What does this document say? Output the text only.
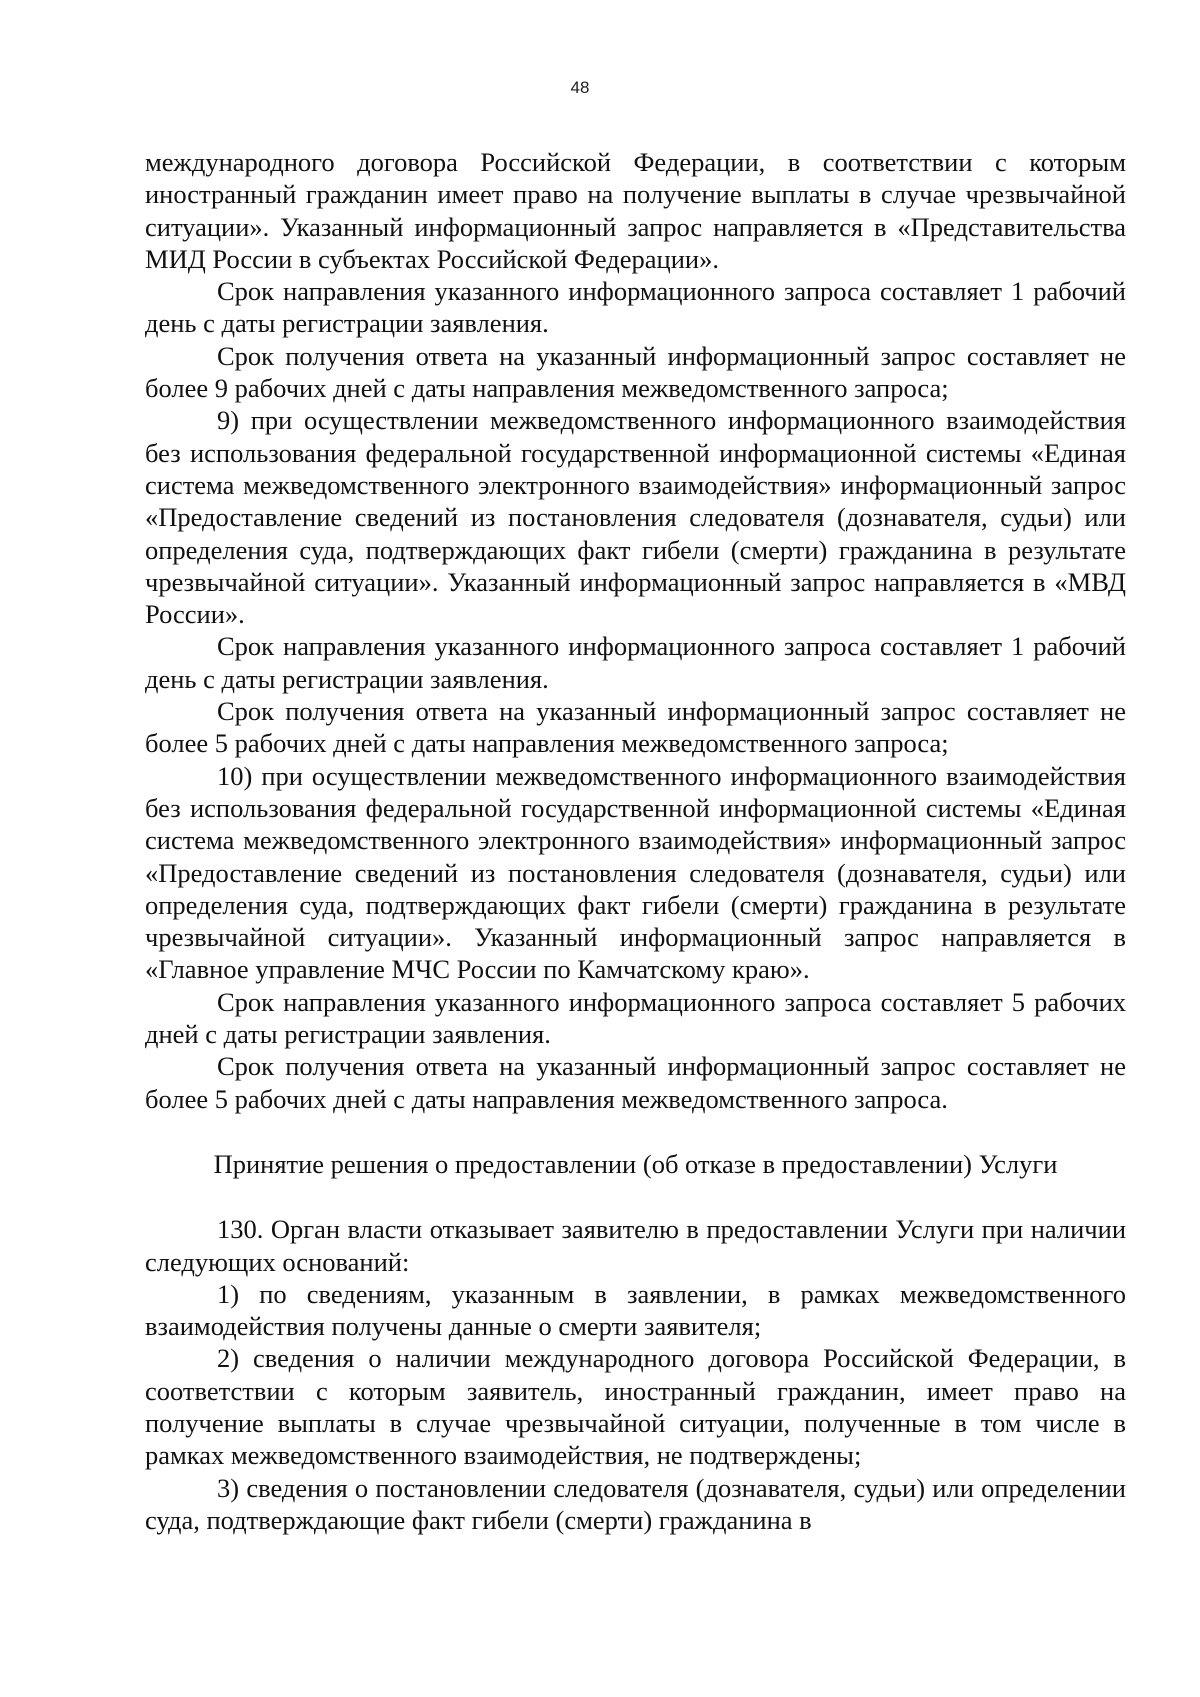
48

международного договора Российской Федерации, в соответствии с которым иностранный гражданин имеет право на получение выплаты в случае чрезвычайной ситуации». Указанный информационный запрос направляется в «Представительства МИД России в субъектах Российской Федерации».

Срок направления указанного информационного запроса составляет 1 рабочий день с даты регистрации заявления.

Срок получения ответа на указанный информационный запрос составляет не более 9 рабочих дней с даты направления межведомственного запроса;

9) при осуществлении межведомственного информационного взаимодействия без использования федеральной государственной информационной системы «Единая система межведомственного электронного взаимодействия» информационный запрос «Предоставление сведений из постановления следователя (дознавателя, судьи) или определения суда, подтверждающих факт гибели (смерти) гражданина в результате чрезвычайной ситуации». Указанный информационный запрос направляется в «МВД России».

Срок направления указанного информационного запроса составляет 1 рабочий день с даты регистрации заявления.

Срок получения ответа на указанный информационный запрос составляет не более 5 рабочих дней с даты направления межведомственного запроса;

10) при осуществлении межведомственного информационного взаимодействия без использования федеральной государственной информационной системы «Единая система межведомственного электронного взаимодействия» информационный запрос «Предоставление сведений из постановления следователя (дознавателя, судьи) или определения суда, подтверждающих факт гибели (смерти) гражданина в результате чрезвычайной ситуации». Указанный информационный запрос направляется в «Главное управление МЧС России по Камчатскому краю».

Срок направления указанного информационного запроса составляет 5 рабочих дней с даты регистрации заявления.

Срок получения ответа на указанный информационный запрос составляет не более 5 рабочих дней с даты направления межведомственного запроса.

Принятие решения о предоставлении (об отказе в предоставлении) Услуги

130. Орган власти отказывает заявителю в предоставлении Услуги при наличии следующих оснований:

1) по сведениям, указанным в заявлении, в рамках межведомственного взаимодействия получены данные о смерти заявителя;

2) сведения о наличии международного договора Российской Федерации, в соответствии с которым заявитель, иностранный гражданин, имеет право на получение выплаты в случае чрезвычайной ситуации, полученные в том числе в рамках межведомственного взаимодействия, не подтверждены;

3) сведения о постановлении следователя (дознавателя, судьи) или определении суда, подтверждающие факт гибели (смерти) гражданина в
